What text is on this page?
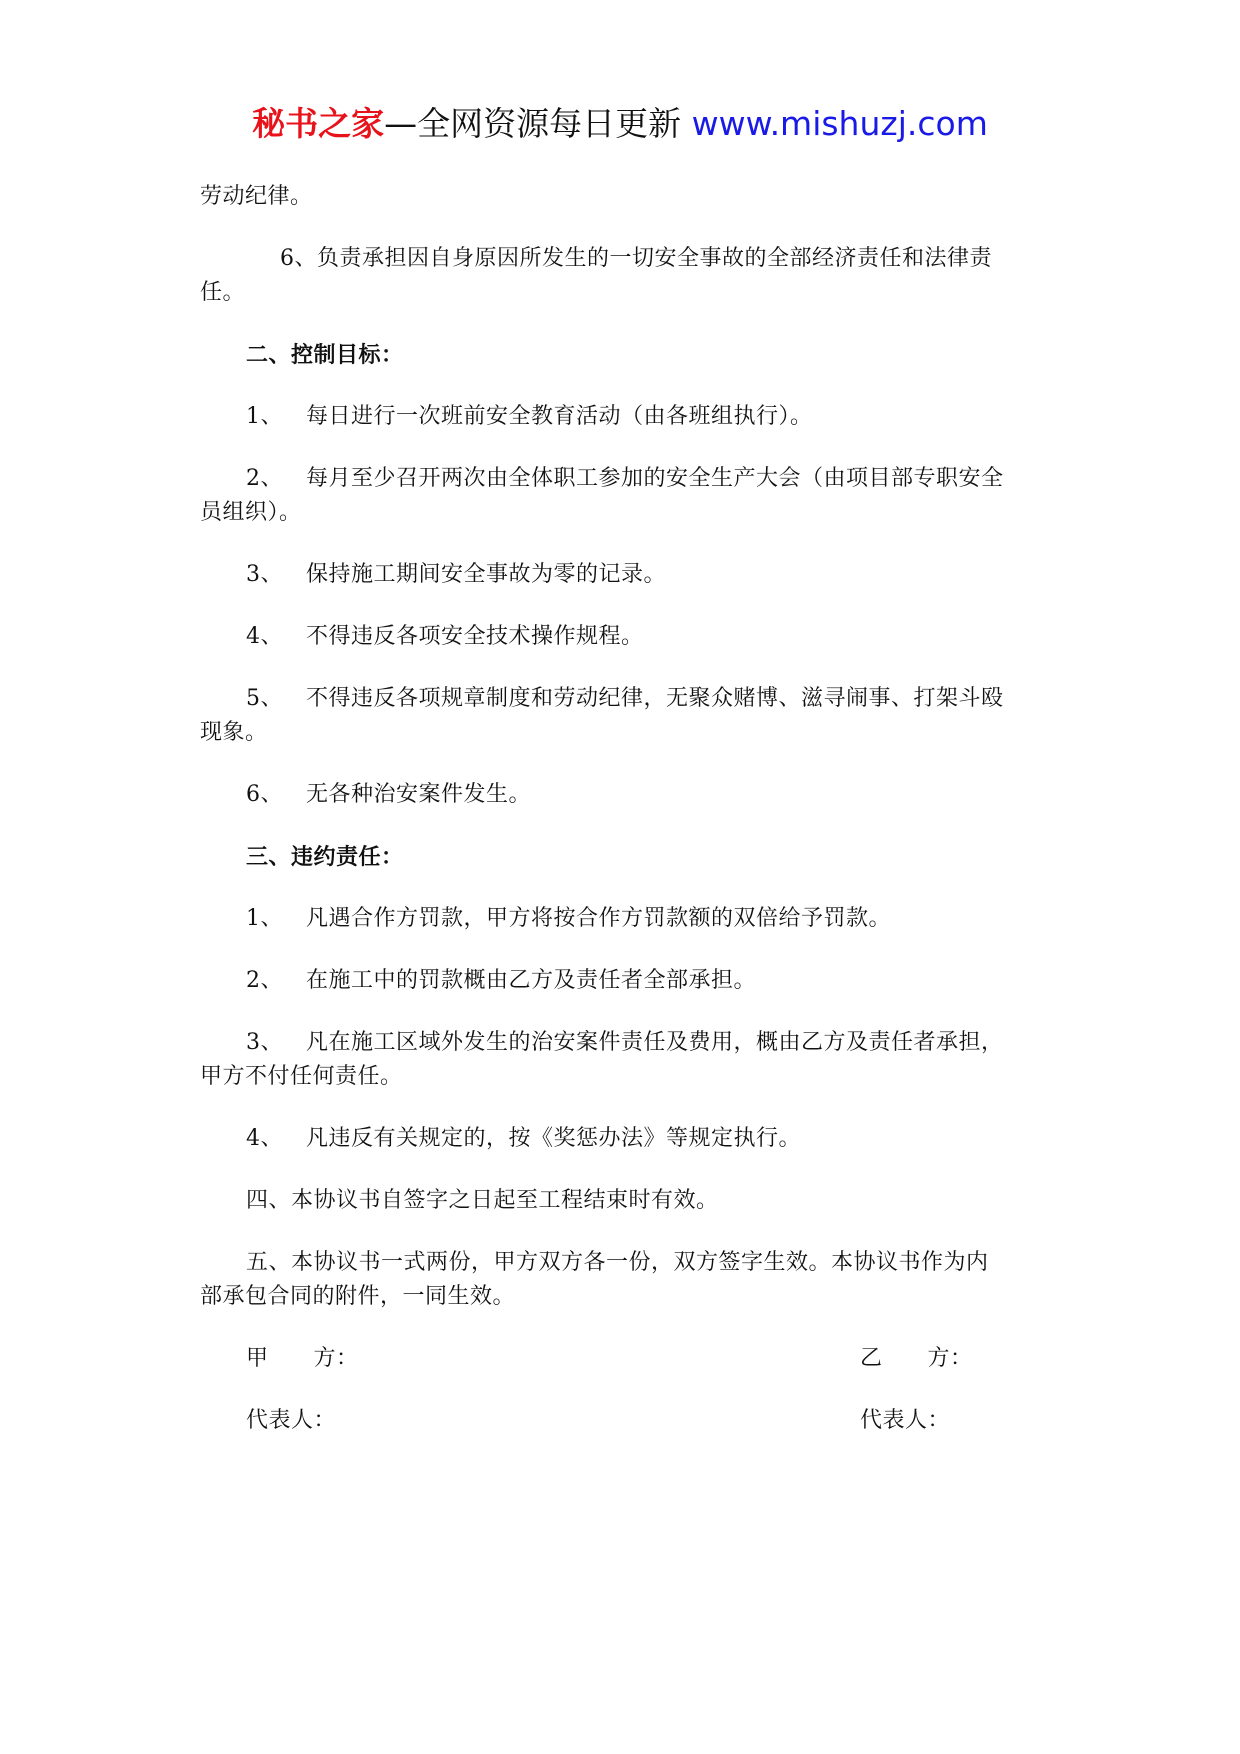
秘书之家—全网资源每日更新 www.mishuzj.com

劳动纪律。

6、负责承担因自身原因所发生的一切安全事故的全部经济责任和法律责

任。

二、控制目标：

1、 每日进行一次班前安全教育活动（由各班组执行）。

2、 每月至少召开两次由全体职工参加的安全生产大会（由项目部专职安全

员组织）。

3、 保持施工期间安全事故为零的记录。

4、 不得违反各项安全技术操作规程。

5、 不得违反各项规章制度和劳动纪律，无聚众赌博、滋寻闹事、打架斗殴

现象。

6、 无各种治安案件发生。

三、违约责任：

1、 凡遇合作方罚款，甲方将按合作方罚款额的双倍给予罚款。

2、 在施工中的罚款概由乙方及责任者全部承担。

3、 凡在施工区域外发生的治安案件责任及费用，概由乙方及责任者承担，

甲方不付任何责任。

4、 凡违反有关规定的，按《奖惩办法》等规定执行。

四、本协议书自签字之日起至工程结束时有效。

五、本协议书一式两份，甲方双方各一份，双方签字生效。本协议书作为内

部承包合同的附件，一同生效。

甲　　方：	乙　　方：
代表人：	代表人：
